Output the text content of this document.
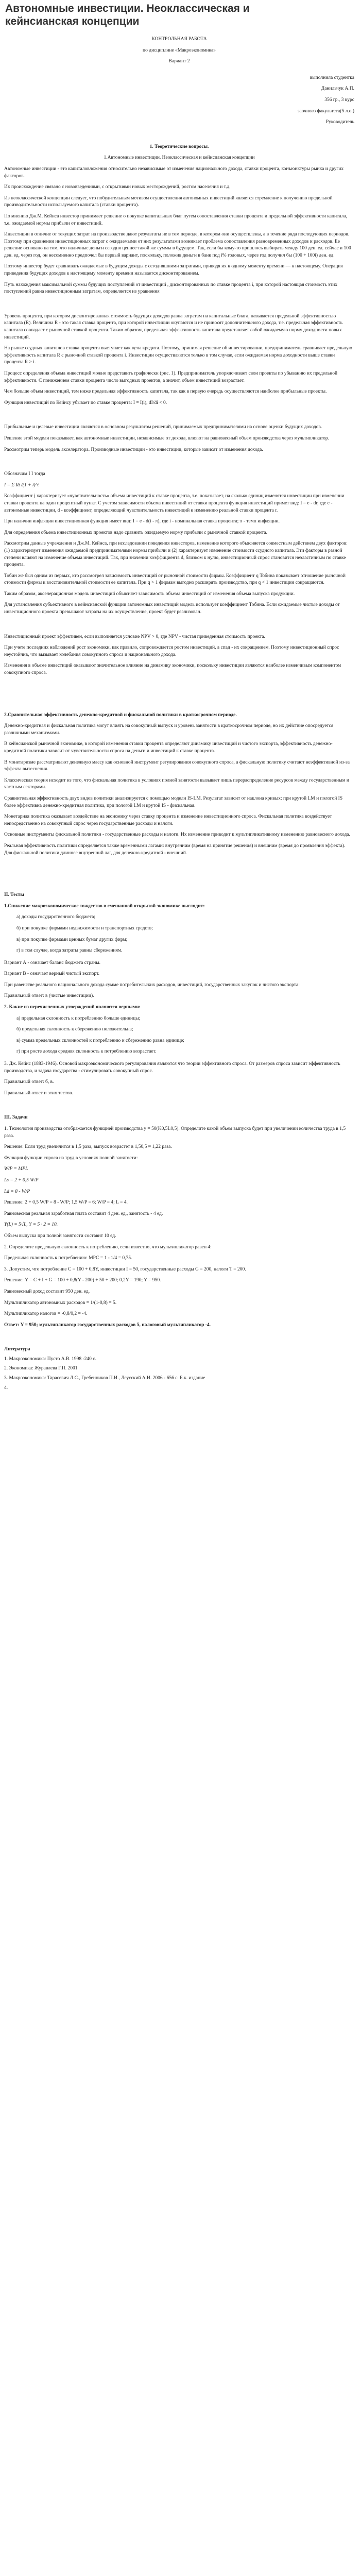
Автономные инвестиции. Неоклассическая и кейнсианская концепции

КОНТРОЛЬНАЯ РАБОТА

по дисциплине «Макроэкономика»

Вариант 2

выполнила студентка

Данильчук А.П.

356 гр., 3 курс

заочного факультета(5 л.о.)

Руководитель

1. Теоретические вопросы.

1.Автономные инвестиции. Неоклассическая и кейнсианская концепции

Автономные инвестиции - это капиталовложения относительно независимые от изменения национального дохода, ставки процента, конъюнктуры рынка и других факторов.

Их происхождение связано с нововведениями, с открытиями новых месторождений, ростом населения и т.д.

Из неоклассической концепции следует, что побудительным мотивом осуществления автономных инвестиций является стремление к получению предельной производительности используемого капитала (ставки процента).

По мнению Дж.М. Кейнса инвестор принимает решение о покупке капитальных благ путем сопоставления ставки процента и предельной эффективности капитала, т.е. ожидаемой нормы прибыли от инвестиций.

Инвестиции в отличие от текущих затрат на производство дают результаты не в том периоде, в котором они осуществлены, а в течение ряда последующих периодов. Поэтому при сравнении инвестиционных затрат с ожидаемыми от них результатами возникает проблема сопоставления разновременных доходов и расходов. Ее решение основано на том, что наличные деньги сегодня ценнее такой же суммы в будущем. Так, если бы кому-то пришлось выбирать между 100 ден. ед. сейчас и 100 ден. ед. через год, он несомненно предпочел бы первый вариант, поскольку, положив деньги в банк под i% годовых, через год получил бы (100 + 100i) ден. ед.

Поэтому инвестор будет сравнивать ожидаемые в будущем доходы с сегодняшними затратами, приводя их к одному моменту времени — к настоящему. Операция приведения будущих доходов к настоящему моменту времени называется дисконтированием.

Путь нахождения максимальной суммы будущих поступлений от инвестиций , дисконтированных по ставке процента i, при которой настоящая стоимость этих поступлений равна инвестиционным затратам, определяется из уравнения

Уровень процента, при котором дисконтированная стоимость будущих доходов равна затратам на капитальные блага, называется предельной эффективностью капитала (R). Величина R - это такая ставка процента, при которой инвестиции окупаются и не приносят дополнительного дохода, т.е. предельная эффективность капитала совпадает с рыночной ставкой процента. Таким образом, предельная эффективность капитала представляет собой ожидаемую норму доходности новых инвестиций.

На рынке ссудных капиталов ставка процента выступает как цена кредита. Поэтому, принимая решение об инвестировании, предприниматель сравнивает предельную эффективность капитала R с рыночной ставкой процента i. Инвестиции осуществляются только в том случае, если ожидаемая норма доходности выше ставки процента R > i.

Процесс определения объема инвестиций можно представить графически (рис. 1). Предприниматель упорядочивает свои проекты по убыванию их предельной эффективности. С понижением ставки процента число выгодных проектов, а значит, объем инвестиций возрастает.

Чем больше объем инвестиций, тем ниже предельная эффективность капитала, так как в первую очередь осуществляются наиболее прибыльные проекты.

Функция инвестиций по Кейнсу убывает по ставке процента: I = I(i), dI/di < 0.

Прибыльные и целевые инвестиции являются в основном результатом решений, принимаемых предпринимателями на основе оценки будущих доходов.

Решение этой модели показывает, как автономные инвестиции, независимые от дохода, влияют на равновесный объем производства через мультипликатор.

Рассмотрим теперь модель акселератора. Производные инвестиции - это инвестиции, которые зависят от изменения дохода.

Обозначим I I тогда

I = Σ Rt /(1 + i)^t

Коэффициент j характеризует «чувствительность» объема инвестиций к ставке процента, т.е. показывает, на сколько единиц изменятся инвестиции при изменении ставки процента на один процентный пункт. С учетом зависимости объема инвестиций от ставки процента функция инвестиций примет вид: I = e - dr, где e - автономные инвестиции, d - коэффициент, определяющий чувствительность инвестиций к изменению реальной ставки процента r.

При наличии инфляции инвестиционная функция имеет вид: I = e - d(i - π), где i - номинальная ставка процента; π - темп инфляции.

Для определения объема инвестиционных проектов надо сравнить ожидаемую норму прибыли с рыночной ставкой процента.

Рассмотрим данные учреждения и Дж.М. Кейнса, при исследовании поведения инвесторов, изменение которого объясняется совместным действием двух факторов: (1) характеризует изменения ожидаемой предпринимателями нормы прибыли и (2) характеризует изменение стоимости ссудного капитала. Эти факторы в разной степени влияют на изменение объема инвестиций. Так, при значении коэффициента d, близком к нулю, инвестиционный спрос становится неэластичным по ставке процента.

Тобин же был одним из первых, кто рассмотрел зависимость инвестиций от рыночной стоимости фирмы. Коэффициент q Тобина показывает отношение рыночной стоимости фирмы к восстановительной стоимости ее капитала. При q > 1 фирмам выгодно расширять производство, при q < 1 инвестиции сокращаются.

Таким образом, акселерационная модель инвестиций объясняет зависимость объема инвестиций от изменения объема выпуска продукции.

Для установления субъективного в кейнсианской функции автономных инвестиций модель использует коэффициент Тобина. Если ожидаемые чистые доходы от инвестиционного проекта превышают затраты на их осуществление, проект будет реализован.

Инвестиционный проект эффективен, если выполняется условие NPV > 0, где NPV - чистая приведенная стоимость проекта.

При учете последних наблюдений рост экономики, как правило, сопровождается ростом инвестиций, а спад - их сокращением. Поэтому инвестиционный спрос неустойчив, что вызывает колебания совокупного спроса и национального дохода.

Изменения в объеме инвестиций оказывают значительное влияние на динамику экономики, поскольку инвестиции являются наиболее изменчивым компонентом совокупного спроса.

2.Сравнительная эффективность денежно-кредитной и фискальной политики в краткосрочном периоде.

Денежно-кредитная и фискальная политика могут влиять на совокупный выпуск и уровень занятости в краткосрочном периоде, но их действие опосредуется различными механизмами.

В кейнсианской рыночной экономике, в которой изменения ставки процента определяют динамику инвестиций и чистого экспорта, эффективность денежно-кредитной политики зависит от чувствительности спроса на деньги и инвестиций к ставке процента.

В монетаризме рассматривают денежную массу как основной инструмент регулирования совокупного спроса, а фискальную политику считают неэффективной из-за эффекта вытеснения.

Классическая теория исходит из того, что фискальная политика в условиях полной занятости вызывает лишь перераспределение ресурсов между государственным и частным секторами.

Сравнительная эффективность двух видов политики анализируется с помощью модели IS-LM. Результат зависит от наклона кривых: при крутой LM и пологой IS более эффективна денежно-кредитная политика, при пологой LM и крутой IS - фискальная.

Монетарная политика оказывает воздействие на экономику через ставку процента и изменение инвестиционного спроса. Фискальная политика воздействует непосредственно на совокупный спрос через государственные расходы и налоги.

Основные инструменты фискальной политики - государственные расходы и налоги. Их изменение приводит к мультипликативному изменению равновесного дохода.

Реальная эффективность политики определяется также временными лагами: внутренним (время на принятие решения) и внешним (время до проявления эффекта). Для фискальной политики длиннее внутренний лаг, для денежно-кредитной - внешний.

II. Тесты

1.Снижение макроэкономическое тождество в смешанной открытой экономике выглядит:

а) доходы государственного бюджета;

б) при покупке фирмами недвижимости и транспортных средств;

в) при покупке фирмами ценных бумаг других фирм;

г) в том случае, когда затраты равны сбережениям.

Вариант А - означает баланс бюджета страны.

Вариант В - означает верный чистый экспорт.

При равенстве реального национального дохода сумме потребительских расходов, инвестиций, государственных закупок и чистого экспорта:

Правильный ответ: в (чистые инвестиции).

2. Какие из перечисленных утверждений являются верными:

а) предельная склонность к потреблению больше единицы;

б) предельная склонность к сбережению положительна;

в) сумма предельных склонностей к потреблению и сбережению равна единице;

г) при росте дохода средняя склонность к потреблению возрастает.

3. Дж. Кейнс (1883-1946). Основой макроэкономического регулирования являются что теории эффективного спроса. От размеров спроса зависит эффективность производства, и задача государства - стимулировать совокупный спрос.

Правильный ответ: б, в.

Правильный ответ и этих тестов.

III. Задачи

1. Технология производства отображается функцией производства y = 50(K0,5L0,5). Определите какой объем выпуска будет при увеличении количества труда в 1,5 раза.

Решение: Если труд увеличится в 1,5 раза, выпуск возрастет в 1,50,5 ≈ 1,22 раза.

Функция функции спроса на труд в условиях полной занятости:

W/P = MPL

Ls = 2 + 0,5 W/P

Ld = 8 - W/P

Решение: 2 + 0,5 W/P = 8 - W/P; 1,5 W/P = 6; W/P = 4; L = 4.

Равновесная реальная заработная плата составит 4 ден. ед., занятость - 4 ед.

Y(L) = 5√L, Y = 5 · 2 = 10.

Объем выпуска при полной занятости составит 10 ед.

2. Определите предельную склонность к потреблению, если известно, что мультипликатор равен 4:

Предельная склонность к потреблению: МРС = 1 - 1/4 = 0,75.

3. Допустим, что потребление С = 100 + 0,8Y, инвестиции I = 50, государственные расходы G = 200, налоги T = 200.

Решение: Y = C + I + G = 100 + 0,8(Y - 200) + 50 + 200; 0,2Y = 190; Y = 950.

Равновесный доход составит 950 ден. ед.

Мультипликатор автономных расходов = 1/(1-0,8) = 5.

Мультипликатор налогов = -0,8/0,2 = -4.

Ответ: Y = 950; мультипликатор государственных расходов 5, налоговый мультипликатор -4.

Литература

1. Макроэкономика: Пусто А.В. 1998 -240 с.

2. Экономика: Журавлева Г.П. 2001

3. Макроэкономика: Тарасевич Л.С., Гребенников П.И., Леусский А.И. 2006 - 656 с. Б.к. издание

4.
